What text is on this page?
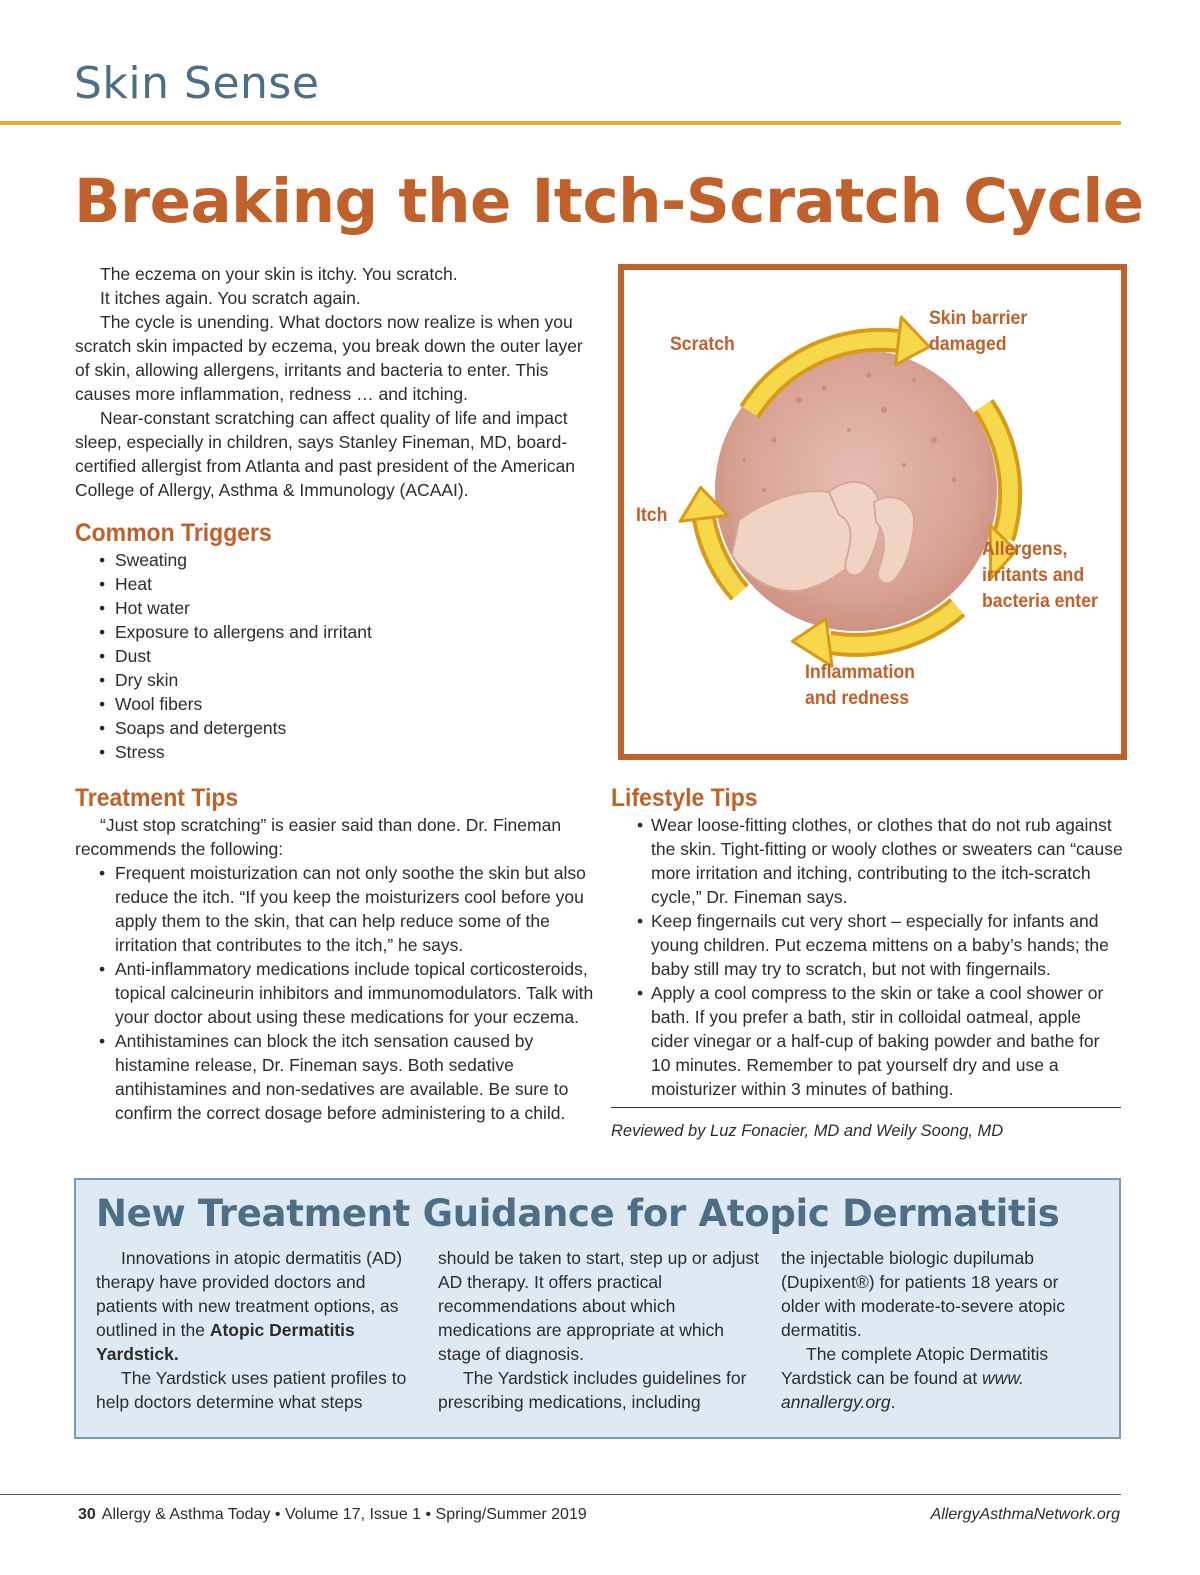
Skin Sense
Breaking the Itch-Scratch Cycle

The eczema on your skin is itchy. You scratch.

It itches again. You scratch again.

The cycle is unending. What doctors now realize is when you scratch skin impacted by eczema, you break down the outer layer of skin, allowing allergens, irritants and bacteria to enter. This causes more inflammation, redness … and itching.

Near-constant scratching can affect quality of life and impact sleep, especially in children, says Stanley Fineman, MD, board-certified allergist from Atlanta and past president of the American College of Allergy, Asthma & Immunology (ACAAI).

Common Triggers
• Sweating
• Heat
• Hot water
• Exposure to allergens and irritant
• Dust
• Dry skin
• Wool fibers
• Soaps and detergents
• Stress
Scratch
Skin barrier
damaged
Allergens,
irritants and
bacteria enter
Inflammation
and redness
Itch
Treatment Tips

“Just stop scratching” is easier said than done. Dr. Fineman recommends the following:

• Frequent moisturization can not only soothe the skin but also reduce the itch. “If you keep the moisturizers cool before you apply them to the skin, that can help reduce some of the irritation that contributes to the itch,” he says.
• Anti-inflammatory medications include topical corticosteroids, topical calcineurin inhibitors and immunomodulators. Talk with your doctor about using these medications for your eczema.
• Antihistamines can block the itch sensation caused by histamine release, Dr. Fineman says. Both sedative antihistamines and non-sedatives are available. Be sure to confirm the correct dosage before administering to a child.
Lifestyle Tips
• Wear loose-fitting clothes, or clothes that do not rub against the skin. Tight-fitting or wooly clothes or sweaters can “cause more irritation and itching, contributing to the itch-scratch cycle,” Dr. Fineman says.
• Keep fingernails cut very short – especially for infants and young children. Put eczema mittens on a baby’s hands; the baby still may try to scratch, but not with fingernails.
• Apply a cool compress to the skin or take a cool shower or bath. If you prefer a bath, stir in colloidal oatmeal, apple cider vinegar or a half-cup of baking powder and bathe for 10 minutes. Remember to pat yourself dry and use a moisturizer within 3 minutes of bathing.
Reviewed by Luz Fonacier, MD and Weily Soong, MD
New Treatment Guidance for Atopic Dermatitis

Innovations in atopic dermatitis (AD) therapy have provided doctors and patients with new treatment options, as outlined in the Atopic Dermatitis Yardstick.

The Yardstick uses patient profiles to help doctors determine what steps

should be taken to start, step up or adjust AD therapy. It offers practical recommendations about which medications are appropriate at which stage of diagnosis.

The Yardstick includes guidelines for prescribing medications, including

the injectable biologic dupilumab (Dupixent®) for patients 18 years or older with moderate-to-severe atopic dermatitis.

The complete Atopic Dermatitis Yardstick can be found at www. annallergy.org.

30 Allergy & Asthma Today • Volume 17, Issue 1 • Spring/Summer 2019	AllergyAsthmaNetwork.org
